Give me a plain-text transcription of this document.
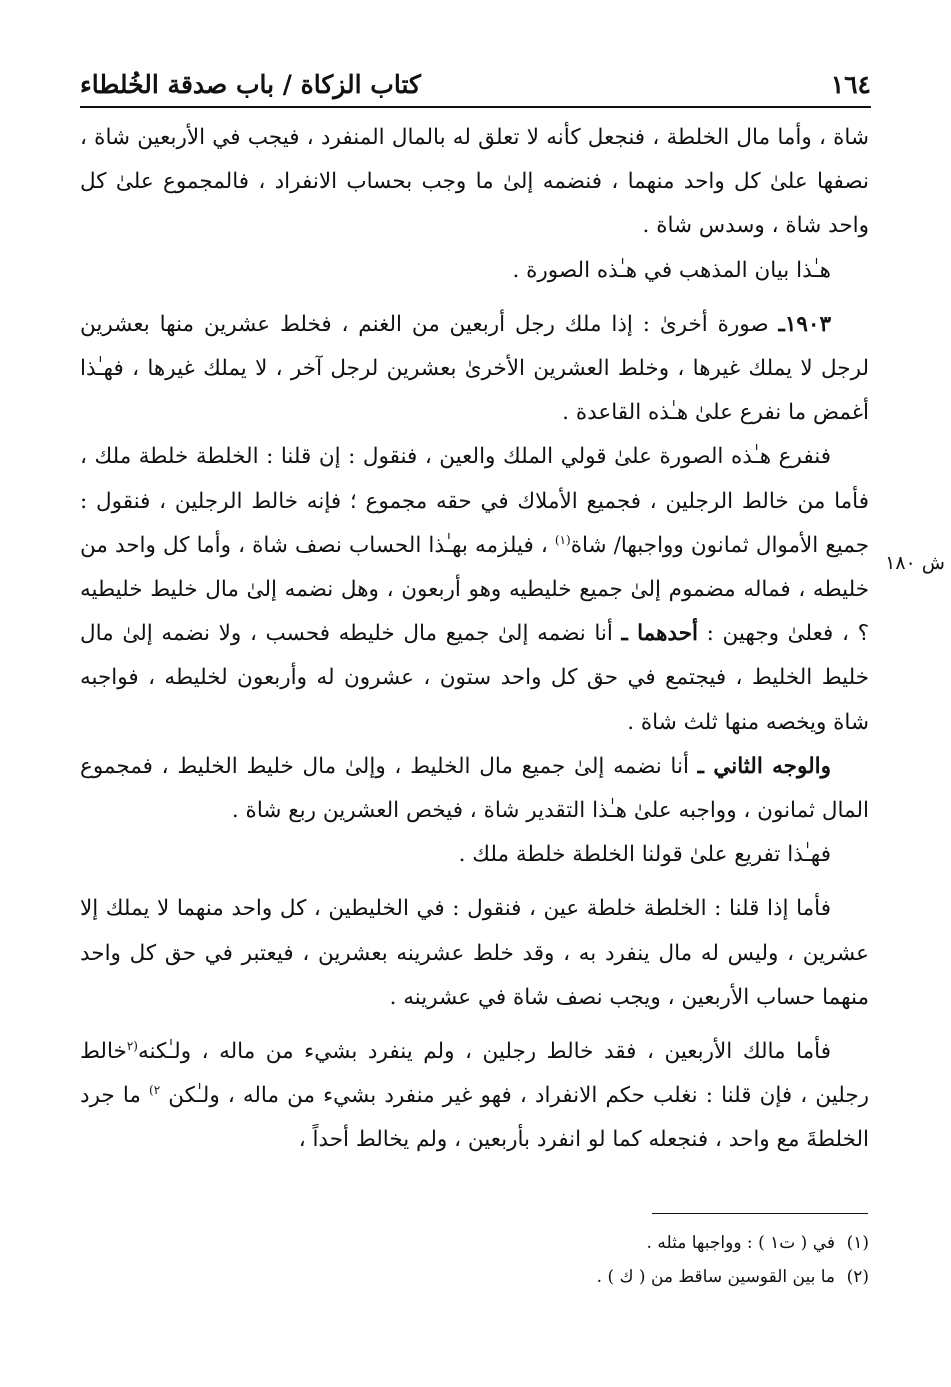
١٦٤
كتاب الزكاة / باب صدقة الخُلطاء
ش ١٨٠

شاة ، وأما مال الخلطة ، فنجعل كأنه لا تعلق له بالمال المنفرد ، فيجب في الأربعين شاة ، نصفها علىٰ كل واحد منهما ، فنضمه إلىٰ ما وجب بحساب الانفراد ، فالمجموع علىٰ كل واحد شاة ، وسدس شاة .

هـٰذا بيان المذهب في هـٰذه الصورة .

١٩٠٣ـ صورة أخرىٰ : إذا ملك رجل أربعين من الغنم ، فخلط عشرين منها بعشرين لرجل لا يملك غيرها ، وخلط العشرين الأخرىٰ بعشرين لرجل آخر ، لا يملك غيرها ، فهـٰذا أغمض ما نفرع علىٰ هـٰذه القاعدة .

فنفرع هـٰذه الصورة علىٰ قولي الملك والعين ، فنقول : إن قلنا : الخلطة خلطة ملك ، فأما من خالط الرجلين ، فجميع الأملاك في حقه مجموع ؛ فإنه خالط الرجلين ، فنقول : جميع الأموال ثمانون وواجبها/ شاة$^{(١)}$ ، فيلزمه بهـٰذا الحساب نصف شاة ، وأما كل واحد من خليطه ، فماله مضموم إلىٰ جميع خليطيه وهو أربعون ، وهل نضمه إلىٰ مال خليط خليطيه ؟ ، فعلىٰ وجهين : أحدهما ـ أنا نضمه إلىٰ جميع مال خليطه فحسب ، ولا نضمه إلىٰ مال خليط الخليط ، فيجتمع في حق كل واحد ستون ، عشرون له وأربعون لخليطه ، فواجبه شاة ويخصه منها ثلث شاة .

والوجه الثاني ـ أنا نضمه إلىٰ جميع مال الخليط ، وإلىٰ مال خليط الخليط ، فمجموع المال ثمانون ، وواجبه علىٰ هـٰذا التقدير شاة ، فيخص العشرين ربع شاة .

فهـٰذا تفريع علىٰ قولنا الخلطة خلطة ملك .

فأما إذا قلنا : الخلطة خلطة عين ، فنقول : في الخليطين ، كل واحد منهما لا يملك إلا عشرين ، وليس له مال ينفرد به ، وقد خلط عشرينه بعشرين ، فيعتبر في حق كل واحد منهما حساب الأربعين ، ويجب نصف شاة في عشرينه .

فأما مالك الأربعين ، فقد خالط رجلين ، ولم ينفرد بشيء من ماله ، ولـٰكنه$^{(٢}$خالط رجلين ، فإن قلنا : نغلب حكم الانفراد ، فهو غير منفرد بشيء من ماله ، ولـٰكن $^{٢)}$ ما جرد الخلطةَ مع واحد ، فنجعله كما لو انفرد بأربعين ، ولم يخالط أحداً ،

(١)في ( ت١ ) : وواجبها مثله .
(٢)ما بين القوسين ساقط من ( ك ) .
